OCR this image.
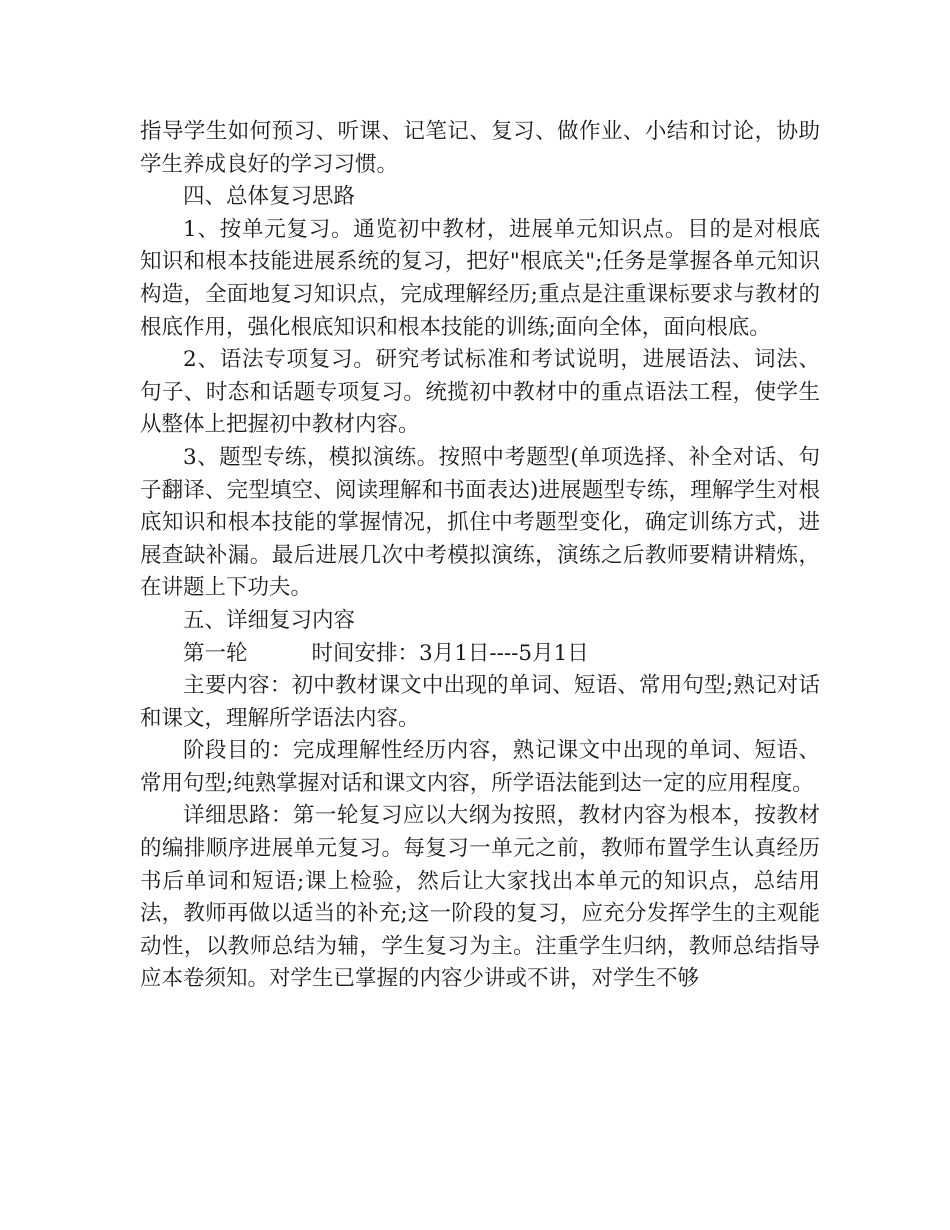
指导学生如何预习、听课、记笔记、复习、做作业、小结和讨论，协助学生养成良好的学习习惯。

四、总体复习思路

1、按单元复习。通览初中教材，进展单元知识点。目的是对根底知识和根本技能进展系统的复习，把好"根底关";任务是掌握各单元知识构造，全面地复习知识点，完成理解经历;重点是注重课标要求与教材的根底作用，强化根底知识和根本技能的训练;面向全体，面向根底。

2、语法专项复习。研究考试标准和考试说明，进展语法、词法、句子、时态和话题专项复习。统揽初中教材中的重点语法工程，使学生从整体上把握初中教材内容。

3、题型专练，模拟演练。按照中考题型(单项选择、补全对话、句子翻译、完型填空、阅读理解和书面表达)进展题型专练，理解学生对根底知识和根本技能的掌握情况，抓住中考题型变化，确定训练方式，进展查缺补漏。最后进展几次中考模拟演练，演练之后教师要精讲精炼，在讲题上下功夫。

五、详细复习内容

第一轮	时间安排：3月1日----5月1日

主要内容：初中教材课文中出现的单词、短语、常用句型;熟记对话和课文，理解所学语法内容。

阶段目的：完成理解性经历内容，熟记课文中出现的单词、短语、常用句型;纯熟掌握对话和课文内容，所学语法能到达一定的应用程度。

详细思路：第一轮复习应以大纲为按照，教材内容为根本，按教材的编排顺序进展单元复习。每复习一单元之前，教师布置学生认真经历书后单词和短语;课上检验，然后让大家找出本单元的知识点，总结用法，教师再做以适当的补充;这一阶段的复习，应充分发挥学生的主观能动性，以教师总结为辅，学生复习为主。注重学生归纳，教师总结指导应本卷须知。对学生已掌握的内容少讲或不讲，对学生不够
